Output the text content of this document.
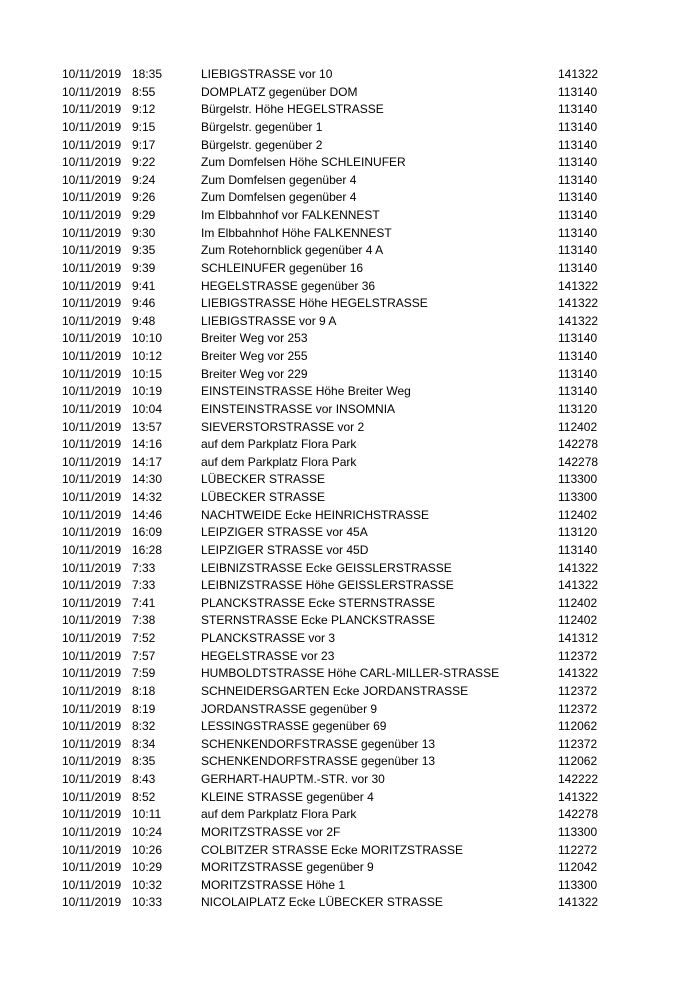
10/11/2019 18:35	LIEBIGSTRASSE vor 10	141322
10/11/2019 8:55	DOMPLATZ gegenüber DOM	113140
10/11/2019 9:12	Bürgelstr. Höhe HEGELSTRASSE	113140
10/11/2019 9:15	Bürgelstr. gegenüber 1	113140
10/11/2019 9:17	Bürgelstr. gegenüber 2	113140
10/11/2019 9:22	Zum Domfelsen Höhe SCHLEINUFER	113140
10/11/2019 9:24	Zum Domfelsen gegenüber 4	113140
10/11/2019 9:26	Zum Domfelsen gegenüber 4	113140
10/11/2019 9:29	Im Elbbahnhof vor FALKENNEST	113140
10/11/2019 9:30	Im Elbbahnhof Höhe FALKENNEST	113140
10/11/2019 9:35	Zum Rotehornblick gegenüber 4 A	113140
10/11/2019 9:39	SCHLEINUFER gegenüber 16	113140
10/11/2019 9:41	HEGELSTRASSE gegenüber 36	141322
10/11/2019 9:46	LIEBIGSTRASSE Höhe HEGELSTRASSE	141322
10/11/2019 9:48	LIEBIGSTRASSE vor 9 A	141322
10/11/2019 10:10	Breiter Weg vor 253	113140
10/11/2019 10:12	Breiter Weg vor 255	113140
10/11/2019 10:15	Breiter Weg vor 229	113140
10/11/2019 10:19	EINSTEINSTRASSE Höhe Breiter Weg	113140
10/11/2019 10:04	EINSTEINSTRASSE vor INSOMNIA	113120
10/11/2019 13:57	SIEVERSTORSTRASSE vor 2	112402
10/11/2019 14:16	auf dem Parkplatz Flora Park	142278
10/11/2019 14:17	auf dem Parkplatz Flora Park	142278
10/11/2019 14:30	LÜBECKER STRASSE	113300
10/11/2019 14:32	LÜBECKER STRASSE	113300
10/11/2019 14:46	NACHTWEIDE Ecke HEINRICHSTRASSE	112402
10/11/2019 16:09	LEIPZIGER STRASSE vor 45A	113120
10/11/2019 16:28	LEIPZIGER STRASSE vor 45D	113140
10/11/2019 7:33	LEIBNIZSTRASSE Ecke GEISSLERSTRASSE	141322
10/11/2019 7:33	LEIBNIZSTRASSE Höhe GEISSLERSTRASSE	141322
10/11/2019 7:41	PLANCKSTRASSE Ecke STERNSTRASSE	112402
10/11/2019 7:38	STERNSTRASSE Ecke PLANCKSTRASSE	112402
10/11/2019 7:52	PLANCKSTRASSE vor 3	141312
10/11/2019 7:57	HEGELSTRASSE vor 23	112372
10/11/2019 7:59	HUMBOLDTSTRASSE Höhe CARL-MILLER-STRASSE	141322
10/11/2019 8:18	SCHNEIDERSGARTEN Ecke JORDANSTRASSE	112372
10/11/2019 8:19	JORDANSTRASSE gegenüber 9	112372
10/11/2019 8:32	LESSINGSTRASSE gegenüber 69	112062
10/11/2019 8:34	SCHENKENDORFSTRASSE gegenüber 13	112372
10/11/2019 8:35	SCHENKENDORFSTRASSE gegenüber 13	112062
10/11/2019 8:43	GERHART-HAUPTM.-STR. vor 30	142222
10/11/2019 8:52	KLEINE STRASSE gegenüber 4	141322
10/11/2019 10:11	auf dem Parkplatz Flora Park	142278
10/11/2019 10:24	MORITZSTRASSE vor 2F	113300
10/11/2019 10:26	COLBITZER STRASSE Ecke MORITZSTRASSE	112272
10/11/2019 10:29	MORITZSTRASSE gegenüber 9	112042
10/11/2019 10:32	MORITZSTRASSE Höhe 1	113300
10/11/2019 10:33	NICOLAIPLATZ Ecke LÜBECKER STRASSE	141322
